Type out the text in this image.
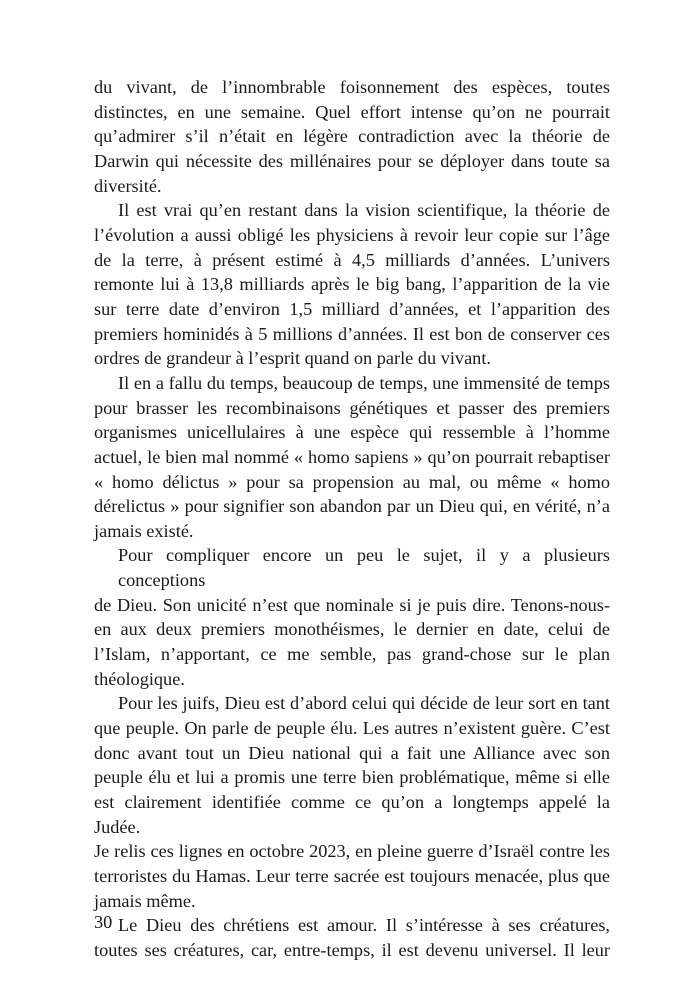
du vivant, de l’innombrable foisonnement des espèces, toutes
distinctes, en une semaine. Quel effort intense qu’on ne pourrait
qu’admirer s’il n’était en légère contradiction avec la théorie de
Darwin qui nécessite des millénaires pour se déployer dans toute sa
diversité.
Il est vrai qu’en restant dans la vision scientifique, la théorie de
l’évolution a aussi obligé les physiciens à revoir leur copie sur l’âge
de la terre, à présent estimé à 4,5 milliards d’années. L’univers
remonte lui à 13,8 milliards après le big bang, l’apparition de la vie
sur terre date d’environ 1,5 milliard d’années, et l’apparition des
premiers hominidés à 5 millions d’années. Il est bon de conserver ces
ordres de grandeur à l’esprit quand on parle du vivant.
Il en a fallu du temps, beaucoup de temps, une immensité de temps
pour brasser les recombinaisons génétiques et passer des premiers
organismes unicellulaires à une espèce qui ressemble à l’homme
actuel, le bien mal nommé « homo sapiens » qu’on pourrait rebaptiser
« homo délictus » pour sa propension au mal, ou même « homo
dérelictus » pour signifier son abandon par un Dieu qui, en vérité, n’a
jamais existé.
Pour compliquer encore un peu le sujet, il y a plusieurs conceptions
de Dieu. Son unicité n’est que nominale si je puis dire. Tenons-nous-
en aux deux premiers monothéismes, le dernier en date, celui de
l’Islam, n’apportant, ce me semble, pas grand-chose sur le plan
théologique.
Pour les juifs, Dieu est d’abord celui qui décide de leur sort en tant
que peuple. On parle de peuple élu. Les autres n’existent guère. C’est
donc avant tout un Dieu national qui a fait une Alliance avec son
peuple élu et lui a promis une terre bien problématique, même si elle
est clairement identifiée comme ce qu’on a longtemps appelé la Judée.
Je relis ces lignes en octobre 2023, en pleine guerre d’Israël contre les
terroristes du Hamas. Leur terre sacrée est toujours menacée, plus que
jamais même.
Le Dieu des chrétiens est amour. Il s’intéresse à ses créatures,
toutes ses créatures, car, entre-temps, il est devenu universel. Il leur
30
